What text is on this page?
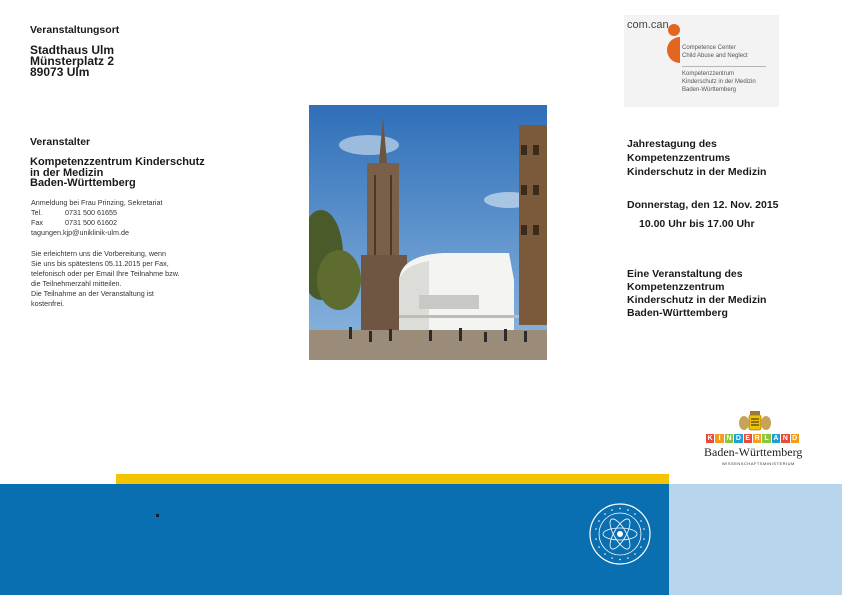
Veranstaltungsort
Stadthaus Ulm
Münsterplatz 2
89073 Ulm
Veranstalter
Kompetenzzentrum Kinderschutz
in der Medizin
Baden-Württemberg
Anmeldung bei Frau Prinzing, Sekretariat
Tel.	0731 500 61655
Fax	0731 500 61602
tagungen.kjp@uniklinik-ulm.de
Sie erleichtern uns die Vorbereitung, wenn
Sie uns bis spätestens 05.11.2015 per Fax,
telefonisch oder per Email Ihre Teilnahme bzw.
die Teilnehmerzahl mitteilen.
Die Teilnahme an der Veranstaltung ist
kostenfrei.
com.can
Competence Center
Child Abuse and Neglect
Kompetenzzentrum
Kinderschutz in der Medizin
Baden-Württemberg
Jahrestagung des
Kompetenzzentrums
Kinderschutz in der Medizin
Donnerstag, den 12. Nov. 2015
10.00 Uhr bis 17.00 Uhr
Eine Veranstaltung des
Kompetenzzentrum
Kinderschutz in der Medizin
Baden-Württemberg
K I N D E R L A N D
Baden-Württemberg
WISSENSCHAFTSMINISTERIUM
